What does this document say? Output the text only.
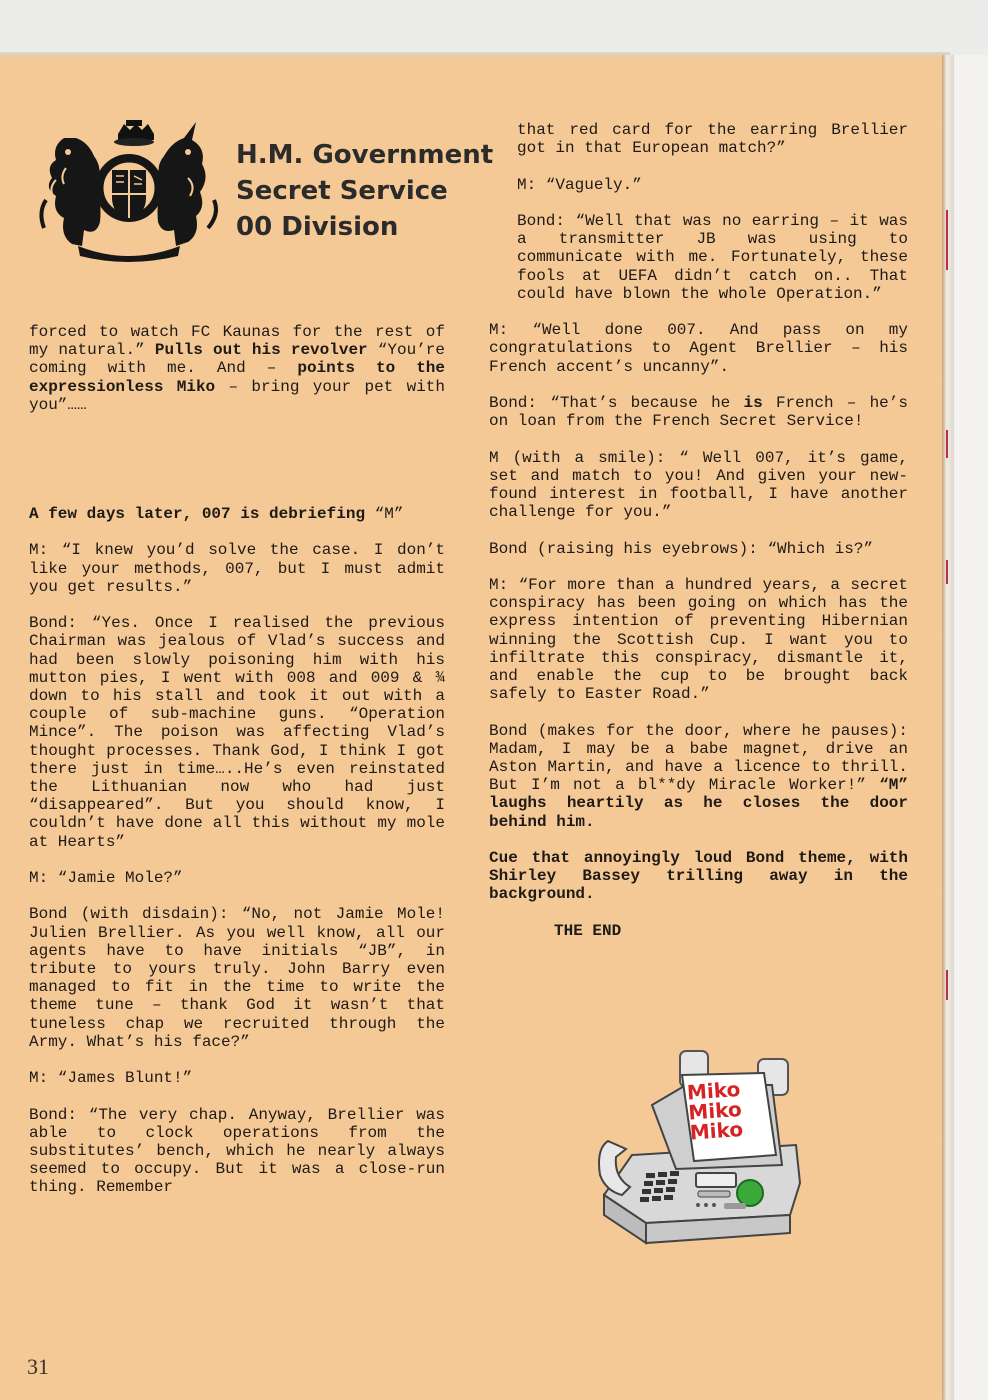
H.M. Government
Secret Service
00 Division

forced to watch FC Kaunas for the rest of my natural.” Pulls out his revolver “You’re coming with me. And – points to the expressionless Miko – bring your pet with you”……

A few days later, 007 is debriefing “M”

M: “I knew you’d solve the case. I don’t like your methods, 007, but I must admit you get results.”

Bond: “Yes. Once I realised the previous Chairman was jealous of Vlad’s success and had been slowly poisoning him with his mutton pies, I went with 008 and 009 & ¾ down to his stall and took it out with a couple of sub-machine guns. “Operation Mince”. The poison was affecting Vlad’s thought processes. Thank God, I think I got there just in time…..He’s even reinstated the Lithuanian now who had just “disappeared”. But you should know, I couldn’t have done all this without my mole at Hearts”

M: “Jamie Mole?”

Bond (with disdain): “No, not Jamie Mole! Julien Brellier. As you well know, all our agents have to have initials “JB”, in tribute to yours truly. John Barry even managed to fit in the time to write the theme tune – thank God it wasn’t that tuneless chap we recruited through the Army. What’s his face?”

M: “James Blunt!”

Bond: “The very chap. Anyway, Brellier was able to clock operations from the substitutes’ bench, which he nearly always seemed to occupy. But it was a close-run thing. Remember

that red card for the earring Brellier got in that European match?”

M: “Vaguely.”

Bond: “Well that was no earring – it was a transmitter JB was using to communicate with me. Fortunately, these fools at UEFA didn’t catch on.. That could have blown the whole Operation.”

M: “Well done 007. And pass on my congratulations to Agent Brellier – his French accent’s uncanny”.

Bond: “That’s because he is French – he’s on loan from the French Secret Service!

M (with a smile): “ Well 007, it’s game, set and match to you! And given your new-found interest in football, I have another challenge for you.”

Bond (raising his eyebrows): “Which is?”

M: “For more than a hundred years, a secret conspiracy has been going on which has the express intention of preventing Hibernian winning the Scottish Cup. I want you to infiltrate this conspiracy, dismantle it, and enable the cup to be brought back safely to Easter Road.”

Bond (makes for the door, where he pauses): Madam, I may be a babe magnet, drive an Aston Martin, and have a licence to thrill. But I’m not a bl**dy Miracle Worker!” “M” laughs heartily as he closes the door behind him.

Cue that annoyingly loud Bond theme, with Shirley Bassey trilling away in the background.

THE END

Miko Miko Miko
31
